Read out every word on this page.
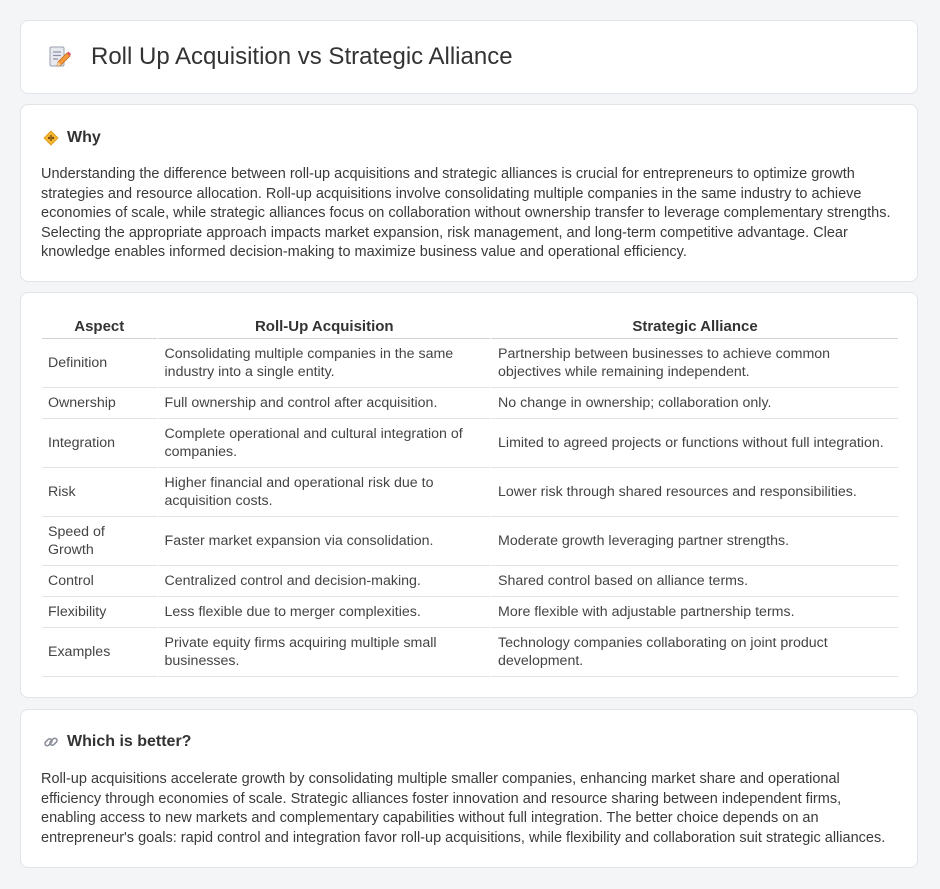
Roll Up Acquisition vs Strategic Alliance
Why

Understanding the difference between roll-up acquisitions and strategic alliances is crucial for entrepreneurs to optimize growth strategies and resource allocation. Roll-up acquisitions involve consolidating multiple companies in the same industry to achieve economies of scale, while strategic alliances focus on collaboration without ownership transfer to leverage complementary strengths. Selecting the appropriate approach impacts market expansion, risk management, and long-term competitive advantage. Clear knowledge enables informed decision-making to maximize business value and operational efficiency.

Aspect	Roll-Up Acquisition	Strategic Alliance
Definition	Consolidating multiple companies in the same industry into a single entity.	Partnership between businesses to achieve common objectives while remaining independent.
Ownership	Full ownership and control after acquisition.	No change in ownership; collaboration only.
Integration	Complete operational and cultural integration of companies.	Limited to agreed projects or functions without full integration.
Risk	Higher financial and operational risk due to acquisition costs.	Lower risk through shared resources and responsibilities.
Speed of Growth	Faster market expansion via consolidation.	Moderate growth leveraging partner strengths.
Control	Centralized control and decision-making.	Shared control based on alliance terms.
Flexibility	Less flexible due to merger complexities.	More flexible with adjustable partnership terms.
Examples	Private equity firms acquiring multiple small businesses.	Technology companies collaborating on joint product development.
Which is better?

Roll-up acquisitions accelerate growth by consolidating multiple smaller companies, enhancing market share and operational efficiency through economies of scale. Strategic alliances foster innovation and resource sharing between independent firms, enabling access to new markets and complementary capabilities without full integration. The better choice depends on an entrepreneur's goals: rapid control and integration favor roll-up acquisitions, while flexibility and collaboration suit strategic alliances.
